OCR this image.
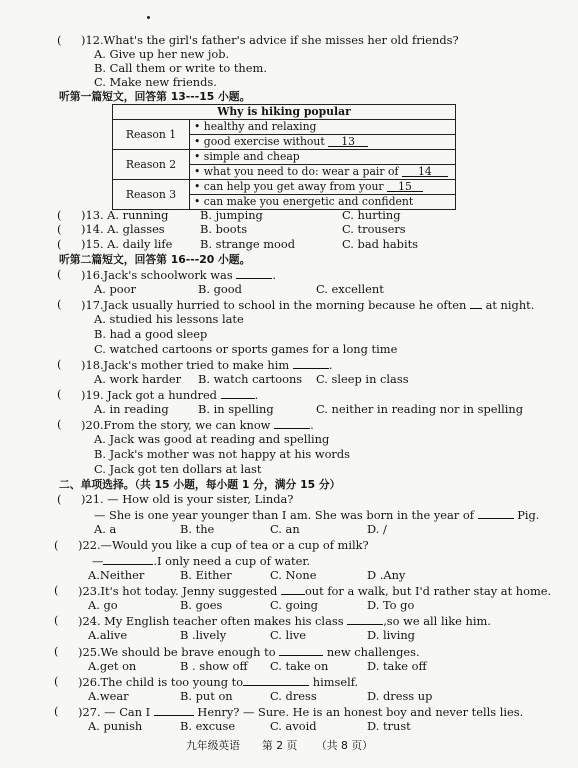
( )12.What's the girl's father's advice if she misses her old friends?
A. Give up her new job.
B. Call them or write to them.
C. Make new friends.
听第一篇短文，回答第 13---15 小题。
Why is hiking popular	
Reason 1	• healthy and relaxing
	• good exercise without 13
Reason 2	• simple and cheap
	• what you need to do: wear a pair of 14
Reason 3	• can help you get away from your 15
	• can make you energetic and confident
( )13. A. running	B. jumping	C. hurting
( )14. A. glasses	B. boots	C. trousers
( )15. A. daily life B. strange mood	C. bad habits
听第二篇短文，回答第 16---20 小题。
( )16.Jack's schoolwork was	.
A. poor	B. good	C. excellent
( )17.Jack usually hurried to school in the morning because he often at night.
A. studied his lessons late
B. had a good sleep
C. watched cartoons or sports games for a long time
( )18.Jack's mother tried to make him	.
A. work harder B. watch cartoons C. sleep in class
( )19. Jack got a hundred	.
A. in reading	B. in spelling	C. neither in reading nor in spelling
( )20.From the story, we can know	.
A. Jack was good at reading and spelling
B. Jack's mother was not happy at his words
C. Jack got ten dollars at last
二、单项选择。（共 15 小题，每小题 1 分，满分 15 分）
( )21. — How old is your sister, Linda?
— She is one year younger than I am. She was born in the year of	Pig.
A. a	B. the	C. an	D. /
( )22.—Would you like a cup of tea or a cup of milk?
—	.I only need a cup of water.
A.Neither	B. Either	C. None	D .Any
( )23.It's hot today. Jenny suggested out for a walk, but I'd rather stay at home.
A. go	B. goes	C. going	D. To go
( )24. My English teacher often makes his class	,so we all like him.
A.alive	B .lively	C. live	D. living
( )25.We should be brave enough to	new challenges.
A.get on	B . show off C. take on	D. take off
( )26.The child is too young to	himself.
A.wear	B. put on	C. dress	D. dress up
( )27. — Can I	Henry? — Sure. He is an honest boy and never tells lies.
A. punish	B. excuse	C. avoid	D. trust
九年级英语 第 2 页 （共 8 页）
